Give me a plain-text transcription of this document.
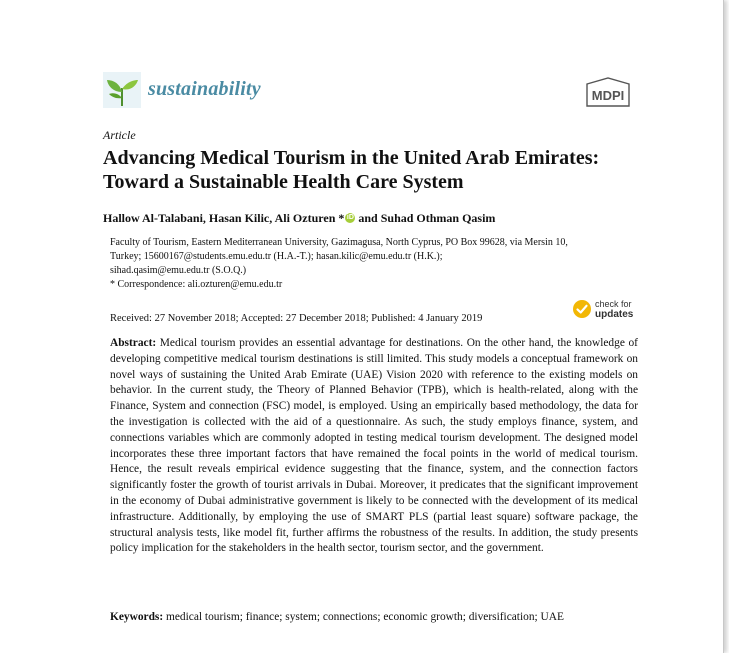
sustainability	MDPI
Article
Advancing Medical Tourism in the United Arab Emirates: Toward a Sustainable Health Care System
Hallow Al-Talabani, Hasan Kilic, Ali Ozturen * iD and Suhad Othman Qasim
Faculty of Tourism, Eastern Mediterranean University, Gazimagusa, North Cyprus, PO Box 99628, via Mersin 10,
Turkey; 15600167@students.emu.edu.tr (H.A.-T.); hasan.kilic@emu.edu.tr (H.K.);
sihad.qasim@emu.edu.tr (S.O.Q.)
* Correspondence: ali.ozturen@emu.edu.tr
Received: 27 November 2018; Accepted: 27 December 2018; Published: 4 January 2019
check for
updates

Abstract: Medical tourism provides an essential advantage for destinations. On the other hand, the knowledge of developing competitive medical tourism destinations is still limited. This study models a conceptual framework on novel ways of sustaining the United Arab Emirate (UAE) Vision 2020 with reference to the existing models on behavior. In the current study, the Theory of Planned Behavior (TPB), which is health-related, along with the Finance, System and connection (FSC) model, is employed. Using an empirically based methodology, the data for the investigation is collected with the aid of a questionnaire. As such, the study employs finance, system, and connections variables which are commonly adopted in testing medical tourism development. The designed model incorporates these three important factors that have remained the focal points in the world of medical tourism. Hence, the result reveals empirical evidence suggesting that the finance, system, and the connection factors significantly foster the growth of tourist arrivals in Dubai. Moreover, it predicates that the significant improvement in the economy of Dubai administrative government is likely to be connected with the development of its medical infrastructure. Additionally, by employing the use of SMART PLS (partial least square) software package, the structural analysis tests, like model fit, further affirms the robustness of the results. In addition, the study presents policy implication for the stakeholders in the health sector, tourism sector, and the government.

Keywords: medical tourism; finance; system; connections; economic growth; diversification; UAE
